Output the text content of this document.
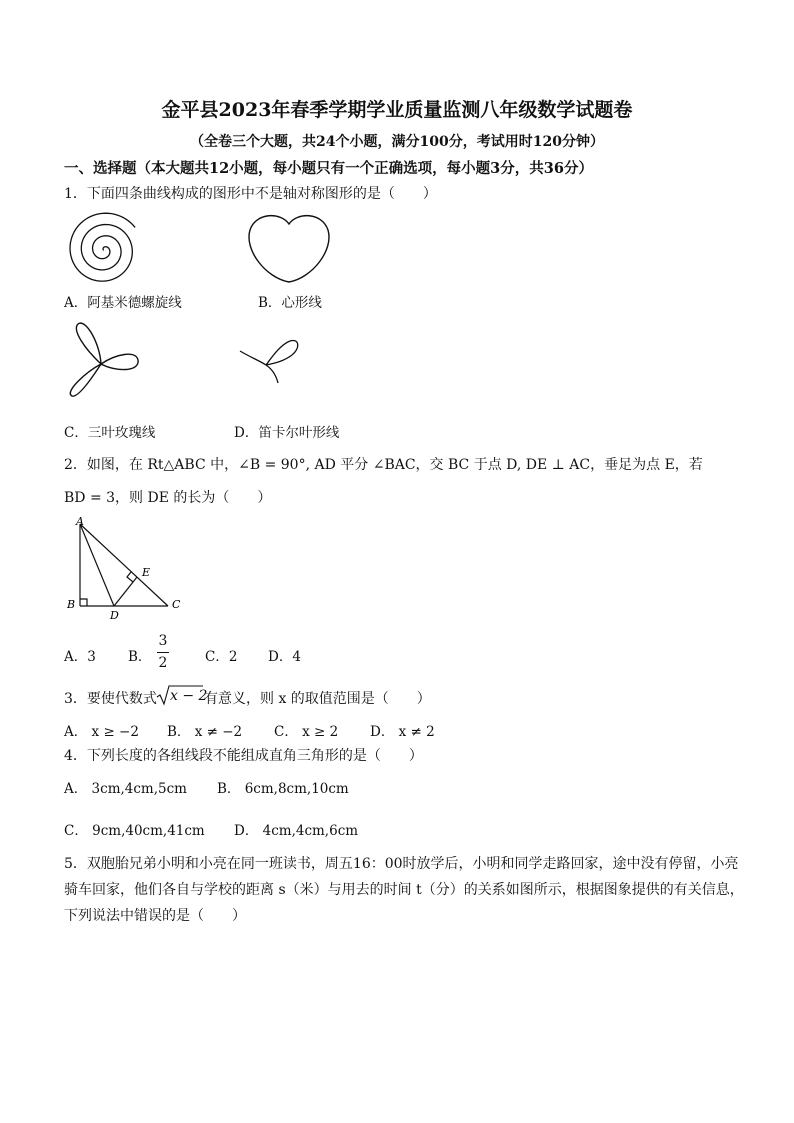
金平县2023年春季学期学业质量监测八年级数学试题卷
（全卷三个大题，共24个小题，满分100分，考试用时120分钟）
一、选择题（本大题共12小题，每小题只有一个正确选项，每小题3分，共36分）
1．下面四条曲线构成的图形中不是轴对称图形的是（　　）
A．阿基米德螺旋线	B．心形线
C．三叶玫瑰线	D．笛卡尔叶形线
2．如图，在 Rt△ABC 中，∠B = 90°, AD 平分 ∠BAC，交 BC 于点 D, DE ⊥ AC，垂足为点 E，若
BD = 3，则 DE 的长为（　　）
A
B	C
D
E
A．3 B．
3
2	C．2 D．4
3．要使代数式 x − 2
有意义，则 x 的取值范围是（　　）
A． x ≥ −2 B． x ≠ −2 C． x ≥ 2 D． x ≠ 2
4．下列长度的各组线段不能组成直角三角形的是（　　）
A． 3cm,4cm,5cm B． 6cm,8cm,10cm
C． 9cm,40cm,41cm D． 4cm,4cm,6cm
5．双胞胎兄弟小明和小亮在同一班读书，周五16：00时放学后，小明和同学走路回家，途中没有停留，小亮
骑车回家，他们各自与学校的距离 s（米）与用去的时间 t（分）的关系如图所示，根据图象提供的有关信息，
下列说法中错误的是（　　）
